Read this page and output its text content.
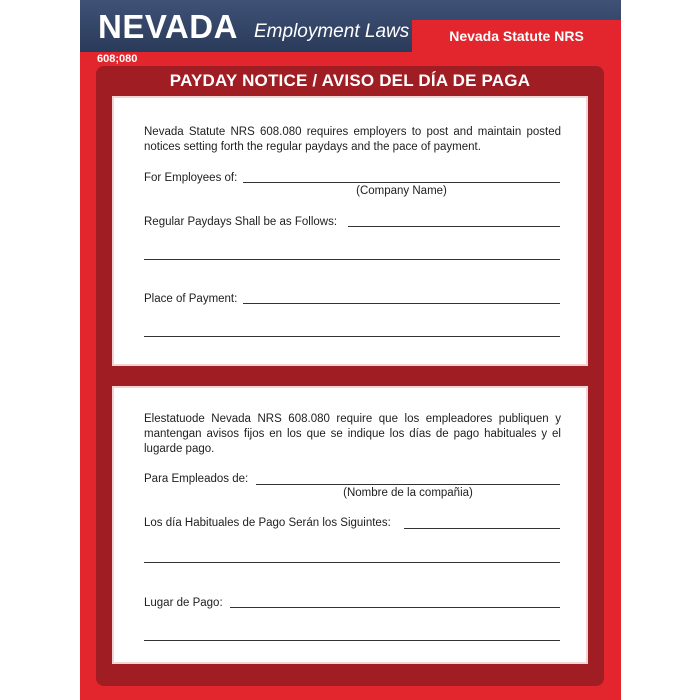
NEVADA Employment Laws	Nevada Statute NRS
608;080
PAYDAY NOTICE / AVISO DEL DÍA DE PAGA
Nevada Statute NRS 608.080 requires employers to post and maintain posted notices setting forth the regular paydays and the pace of payment.
For Employees of:
(Company Name)
Regular Paydays Shall be as Follows:
Place of Payment:
Elestatuode Nevada NRS 608.080 require que los empleadores publiquen y mantengan avisos fijos en los que se indique los días de pago habituales y el lugarde pago.
Para Empleados de:
(Nombre de la compañia)
Los día Habituales de Pago Serán los Siguintes:
Lugar de Pago:
